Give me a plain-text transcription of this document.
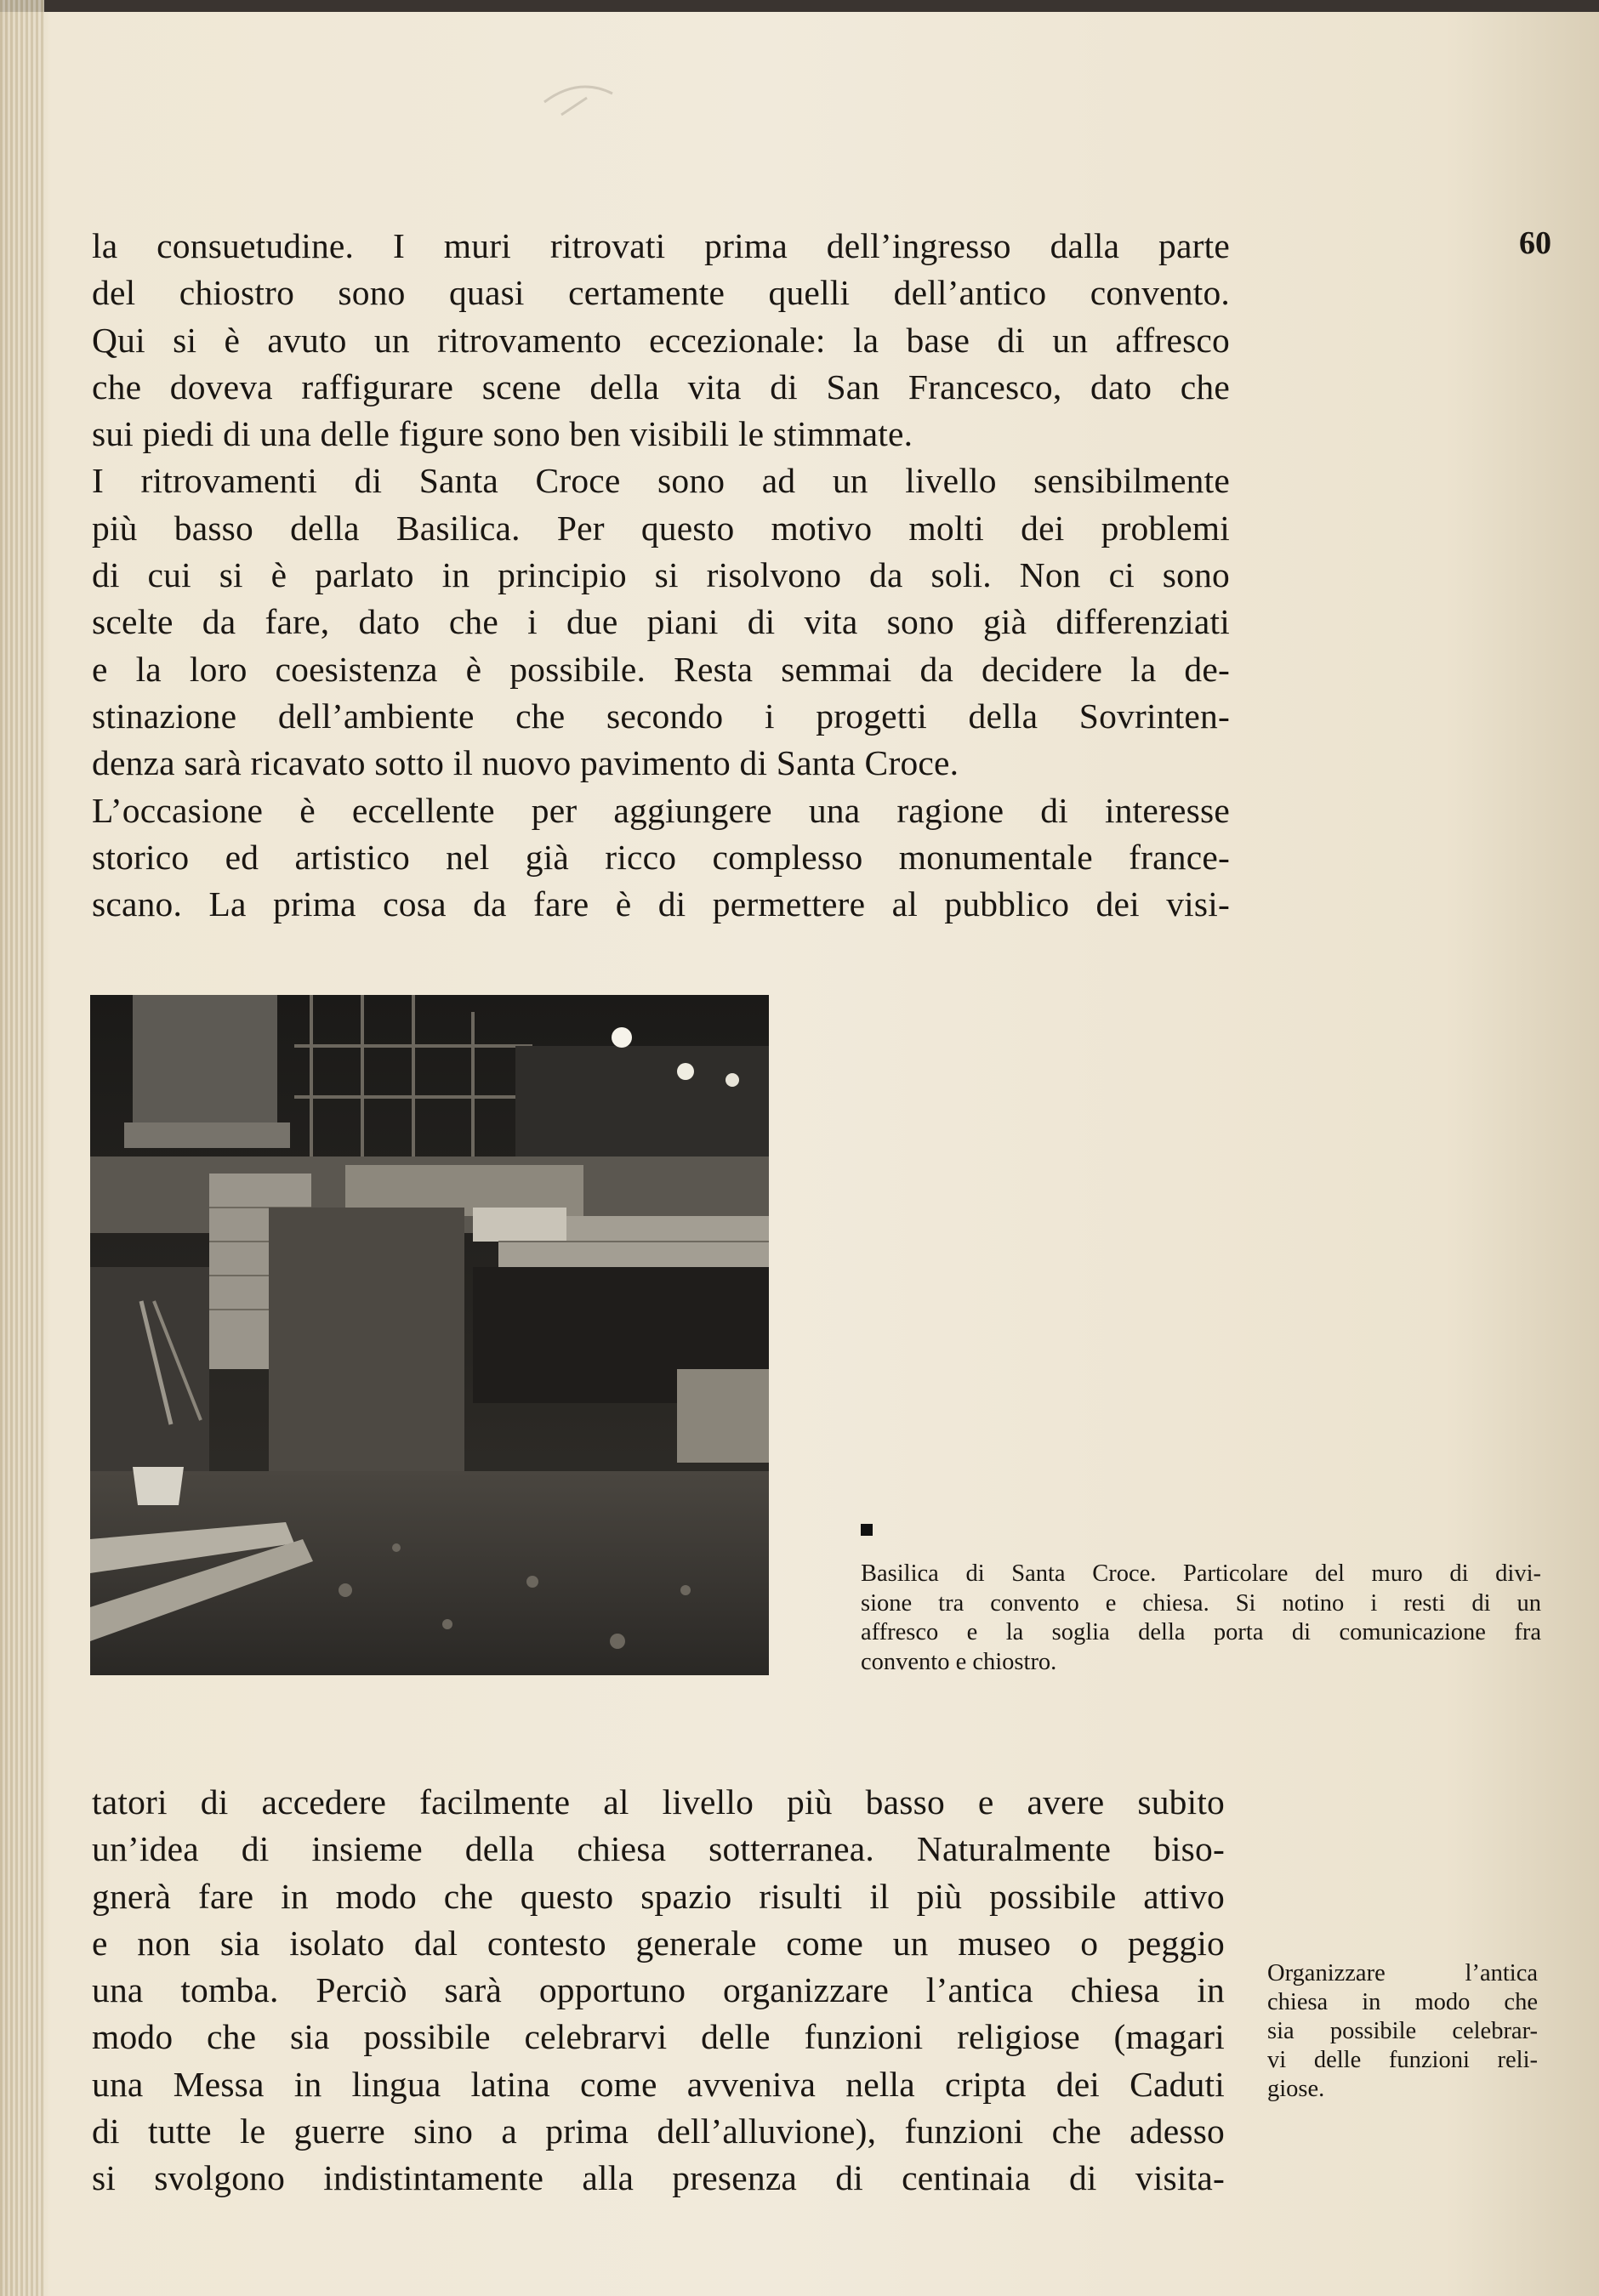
60
la consuetudine. I muri ritrovati prima dell’ingresso dalla parte
del chiostro sono quasi certamente quelli dell’antico convento.
Qui si è avuto un ritrovamento eccezionale: la base di un affresco
che doveva raffigurare scene della vita di San Francesco, dato che
sui piedi di una delle figure sono ben visibili le stimmate.
I ritrovamenti di Santa Croce sono ad un livello sensibilmente
più basso della Basilica. Per questo motivo molti dei problemi
di cui si è parlato in principio si risolvono da soli. Non ci sono
scelte da fare, dato che i due piani di vita sono già differenziati
e la loro coesistenza è possibile. Resta semmai da decidere la de-
stinazione dell’ambiente che secondo i progetti della Sovrinten-
denza sarà ricavato sotto il nuovo pavimento di Santa Croce.
L’occasione è eccellente per aggiungere una ragione di interesse
storico ed artistico nel già ricco complesso monumentale france-
scano. La prima cosa da fare è di permettere al pubblico dei visi-
Basilica di Santa Croce. Particolare del muro di divi-
sione tra convento e chiesa. Si notino i resti di un
affresco e la soglia della porta di comunicazione fra
convento e chiostro.
tatori di accedere facilmente al livello più basso e avere subito
un’idea di insieme della chiesa sotterranea. Naturalmente biso-
gnerà fare in modo che questo spazio risulti il più possibile attivo
e non sia isolato dal contesto generale come un museo o peggio
una tomba. Perciò sarà opportuno organizzare l’antica chiesa in
modo che sia possibile celebrarvi delle funzioni religiose (magari
una Messa in lingua latina come avveniva nella cripta dei Caduti
di tutte le guerre sino a prima dell’alluvione), funzioni che adesso
si svolgono indistintamente alla presenza di centinaia di visita-
Organizzare l’antica
chiesa in modo che
sia possibile celebrar-
vi delle funzioni reli-
giose.
